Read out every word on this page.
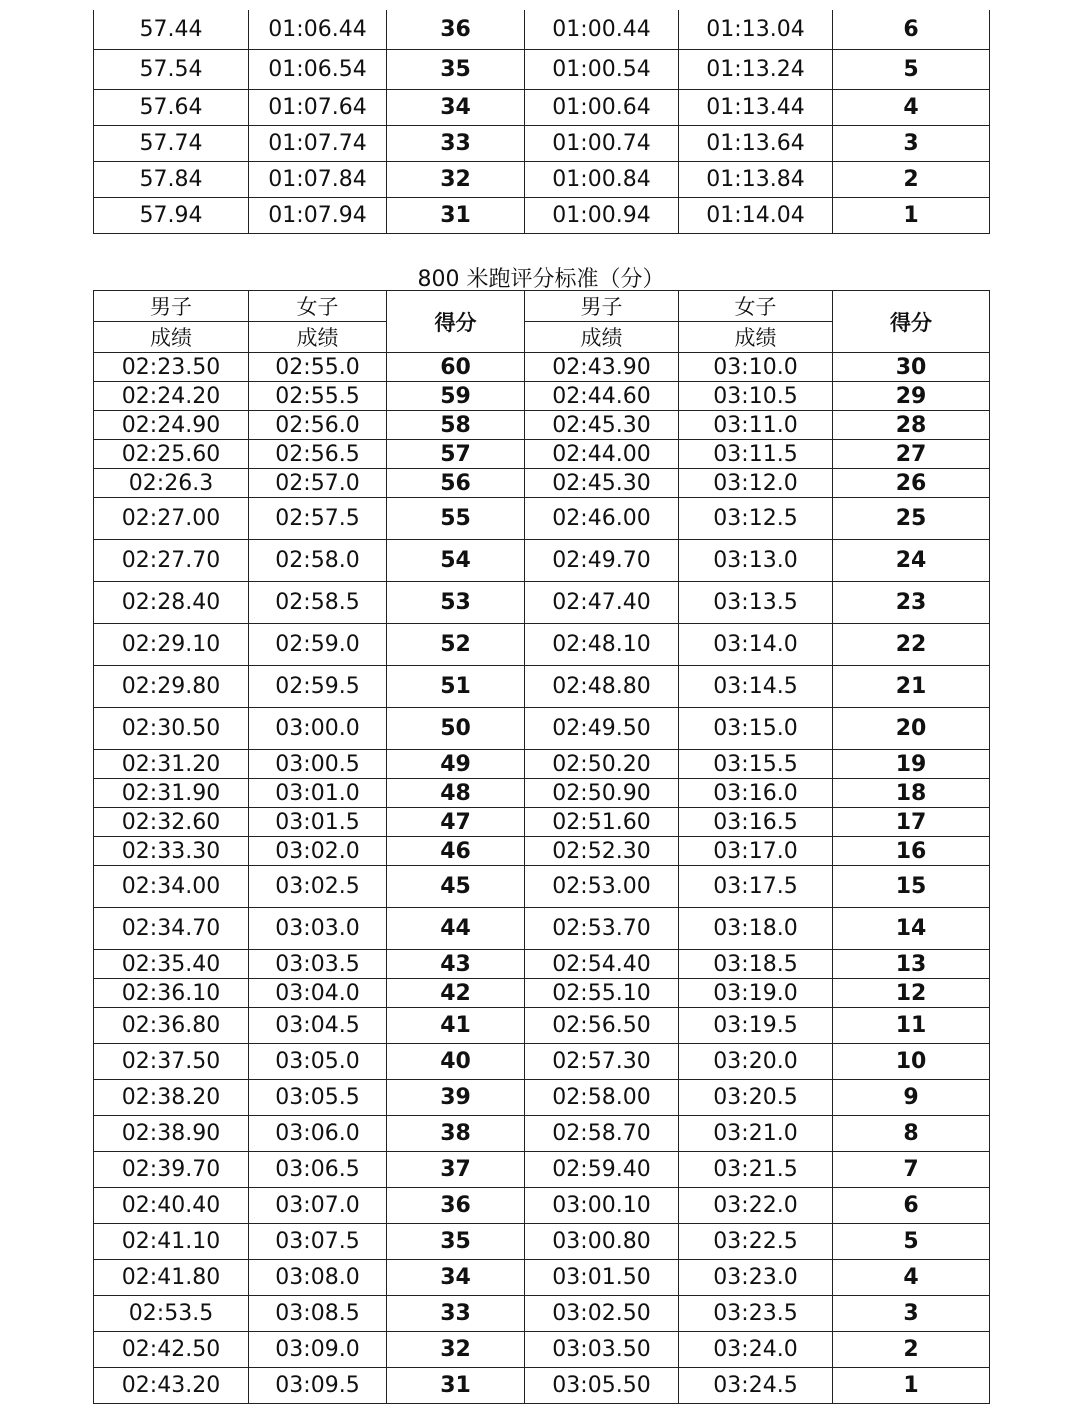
57.44	01:06.44	36	01:00.44	01:13.04	6
57.54	01:06.54	35	01:00.54	01:13.24	5
57.64	01:07.64	34	01:00.64	01:13.44	4
57.74	01:07.74	33	01:00.74	01:13.64	3
57.84	01:07.84	32	01:00.84	01:13.84	2
57.94	01:07.94	31	01:00.94	01:14.04	1
800 米跑评分标准（分）
男子	女子	得分	男子	女子	得分
成绩	成绩		成绩	成绩	
02:23.50	02:55.0	60	02:43.90	03:10.0	30
02:24.20	02:55.5	59	02:44.60	03:10.5	29
02:24.90	02:56.0	58	02:45.30	03:11.0	28
02:25.60	02:56.5	57	02:44.00	03:11.5	27
02:26.3	02:57.0	56	02:45.30	03:12.0	26
02:27.00	02:57.5	55	02:46.00	03:12.5	25
02:27.70	02:58.0	54	02:49.70	03:13.0	24
02:28.40	02:58.5	53	02:47.40	03:13.5	23
02:29.10	02:59.0	52	02:48.10	03:14.0	22
02:29.80	02:59.5	51	02:48.80	03:14.5	21
02:30.50	03:00.0	50	02:49.50	03:15.0	20
02:31.20	03:00.5	49	02:50.20	03:15.5	19
02:31.90	03:01.0	48	02:50.90	03:16.0	18
02:32.60	03:01.5	47	02:51.60	03:16.5	17
02:33.30	03:02.0	46	02:52.30	03:17.0	16
02:34.00	03:02.5	45	02:53.00	03:17.5	15
02:34.70	03:03.0	44	02:53.70	03:18.0	14
02:35.40	03:03.5	43	02:54.40	03:18.5	13
02:36.10	03:04.0	42	02:55.10	03:19.0	12
02:36.80	03:04.5	41	02:56.50	03:19.5	11
02:37.50	03:05.0	40	02:57.30	03:20.0	10
02:38.20	03:05.5	39	02:58.00	03:20.5	9
02:38.90	03:06.0	38	02:58.70	03:21.0	8
02:39.70	03:06.5	37	02:59.40	03:21.5	7
02:40.40	03:07.0	36	03:00.10	03:22.0	6
02:41.10	03:07.5	35	03:00.80	03:22.5	5
02:41.80	03:08.0	34	03:01.50	03:23.0	4
02:53.5	03:08.5	33	03:02.50	03:23.5	3
02:42.50	03:09.0	32	03:03.50	03:24.0	2
02:43.20	03:09.5	31	03:05.50	03:24.5	1
